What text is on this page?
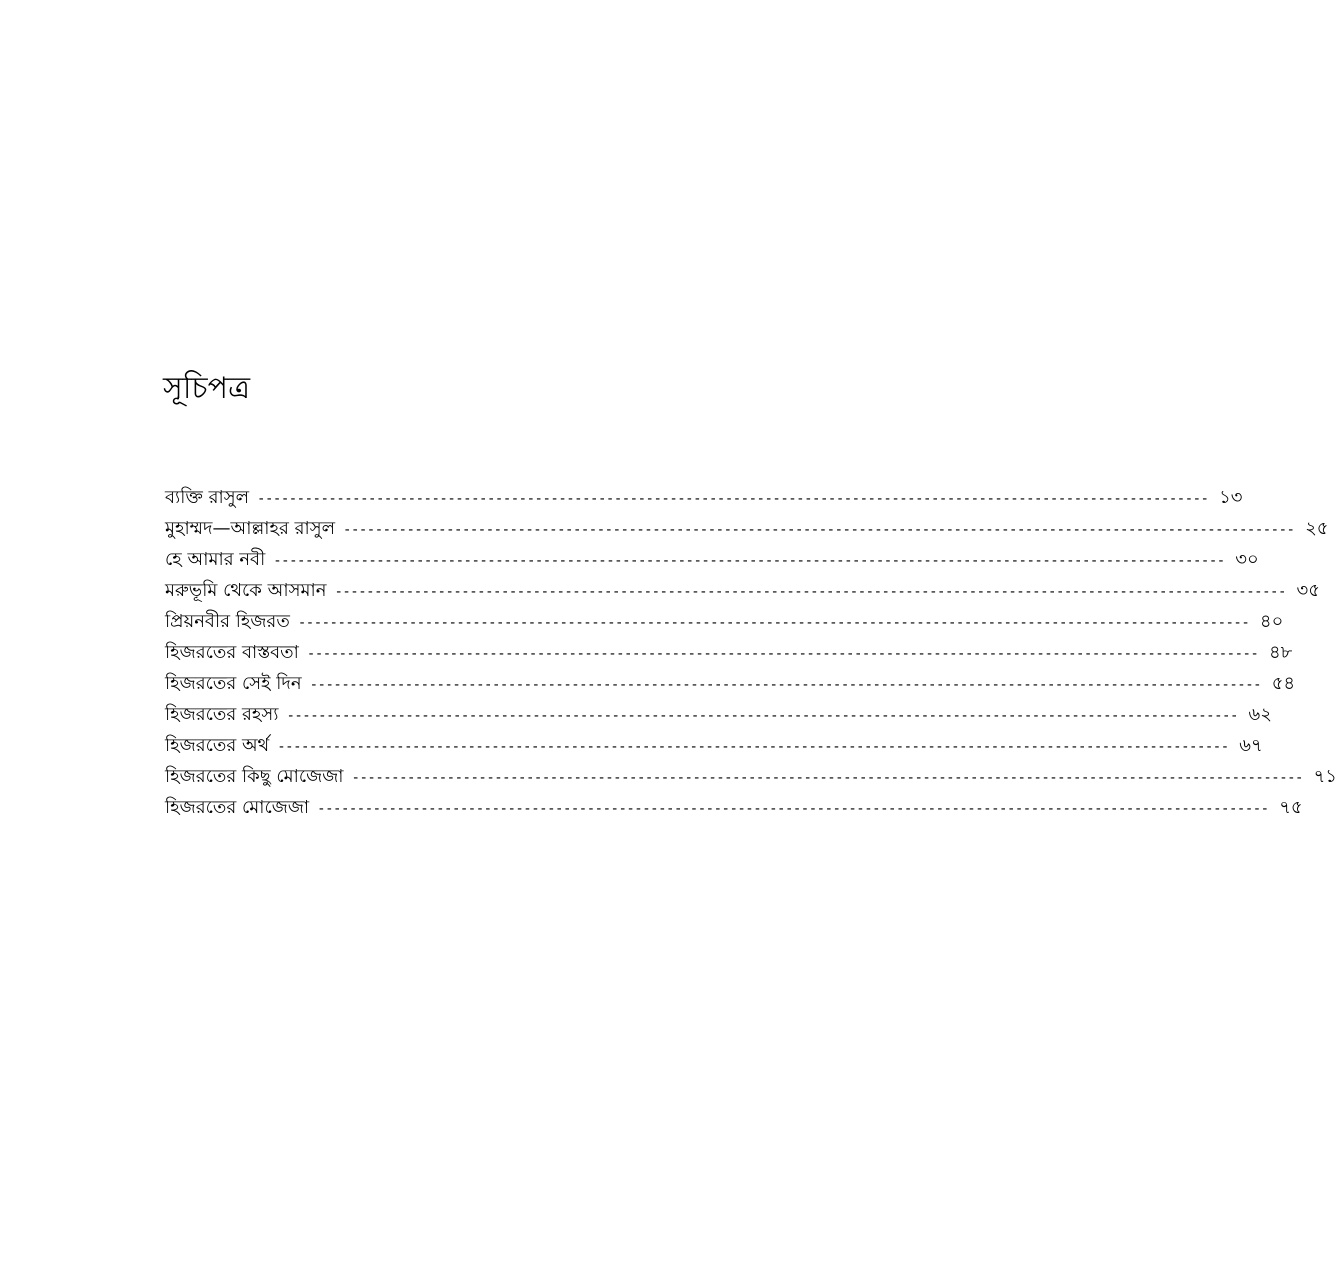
সূচিপত্র
ব্যক্তি রাসুল ------------------------------------------------------------------------------------------------------------------------ ১৩
মুহাম্মদ—আল্লাহর রাসুল ------------------------------------------------------------------------------------------------------------------------ ২৫
হে আমার নবী ------------------------------------------------------------------------------------------------------------------------ ৩০
মরুভূমি থেকে আসমান ------------------------------------------------------------------------------------------------------------------------ ৩৫
প্রিয়নবীর হিজরত ------------------------------------------------------------------------------------------------------------------------ ৪০
হিজরতের বাস্তবতা ------------------------------------------------------------------------------------------------------------------------ ৪৮
হিজরতের সেই দিন ------------------------------------------------------------------------------------------------------------------------ ৫৪
হিজরতের রহস্য ------------------------------------------------------------------------------------------------------------------------ ৬২
হিজরতের অর্থ ------------------------------------------------------------------------------------------------------------------------ ৬৭
হিজরতের কিছু মোজেজা ------------------------------------------------------------------------------------------------------------------------ ৭১
হিজরতের মোজেজা ------------------------------------------------------------------------------------------------------------------------ ৭৫
